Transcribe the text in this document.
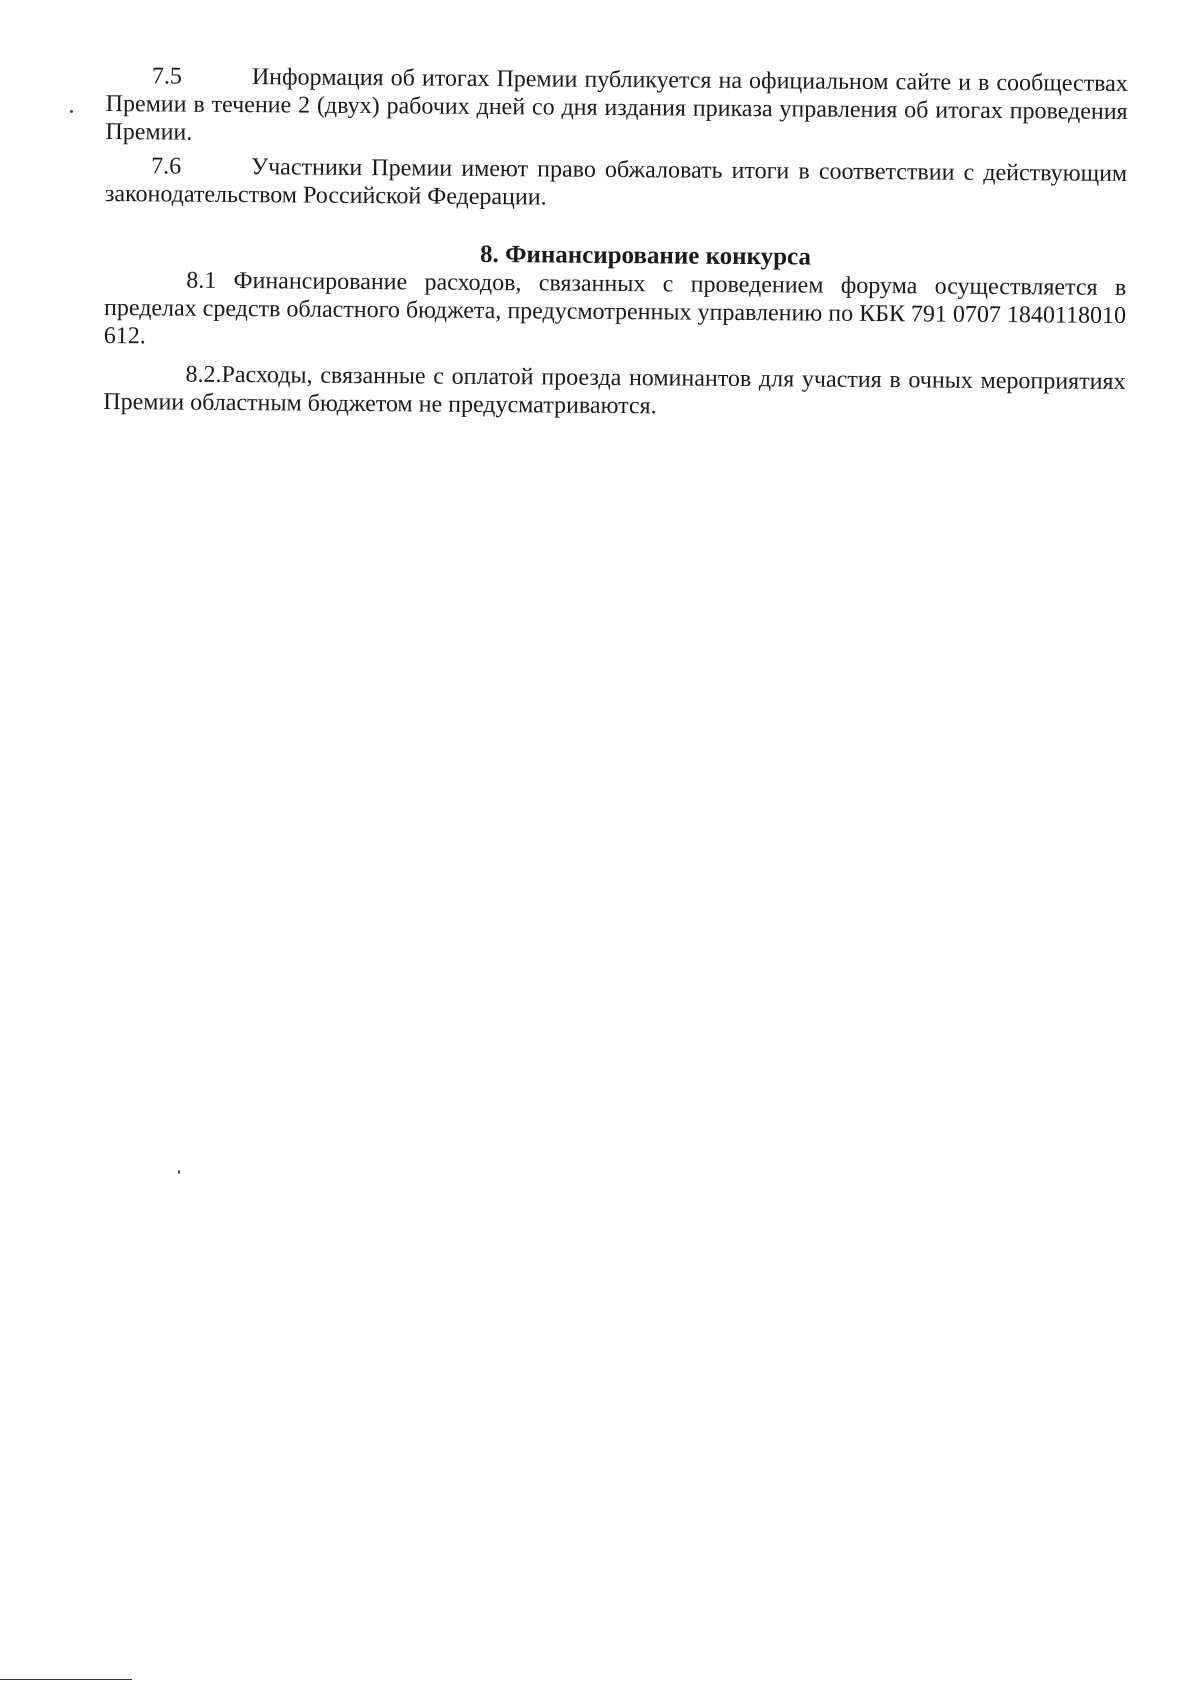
7.5	Информация об итогах Премии публикуется на официальном сайте и в сообществах Премии в течение 2 (двух) рабочих дней со дня издания приказа управления об итогах проведения Премии.

7.6	Участники Премии имеют право обжаловать итоги в соответствии с действующим законодательством Российской Федерации.

8. Финансирование конкурса

8.1 Финансирование расходов, связанных с проведением форума осуществляется в пределах средств областного бюджета, предусмотренных управлению по КБК 791 0707 1840118010 612.

8.2.Расходы, связанные с оплатой проезда номинантов для участия в очных мероприятиях Премии областным бюджетом не предусматриваются.
